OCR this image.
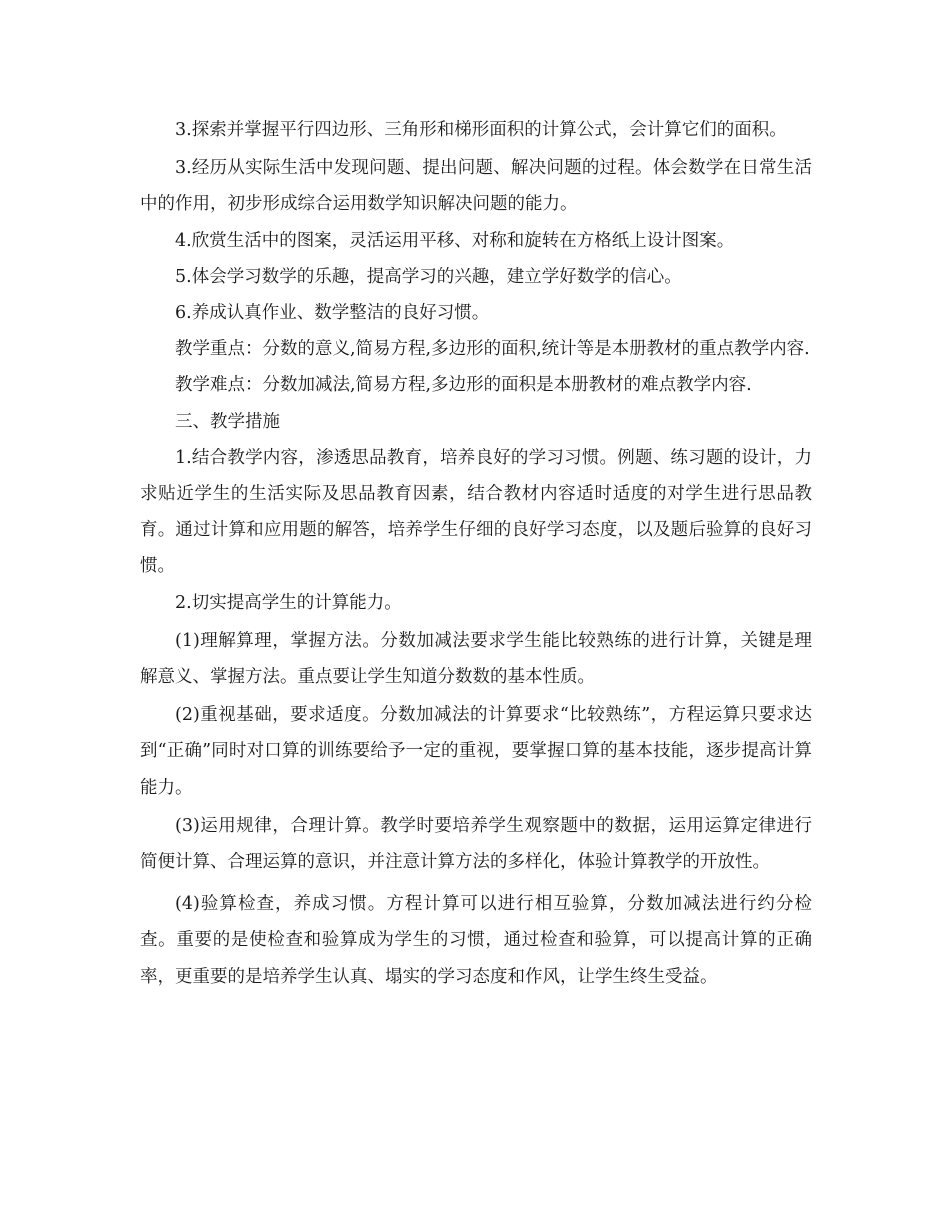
3.探索并掌握平行四边形、三角形和梯形面积的计算公式，会计算它们的面积。

3.经历从实际生活中发现问题、提出问题、解决问题的过程。体会数学在日常生活中的作用，初步形成综合运用数学知识解决问题的能力。

4.欣赏生活中的图案，灵活运用平移、对称和旋转在方格纸上设计图案。

5.体会学习数学的乐趣，提高学习的兴趣，建立学好数学的信心。

6.养成认真作业、数学整洁的良好习惯。

教学重点：分数的意义,简易方程,多边形的面积,统计等是本册教材的重点教学内容.

教学难点：分数加减法,简易方程,多边形的面积是本册教材的难点教学内容.

三、教学措施

1.结合教学内容，渗透思品教育，培养良好的学习习惯。例题、练习题的设计，力求贴近学生的生活实际及思品教育因素，结合教材内容适时适度的对学生进行思品教育。通过计算和应用题的解答，培养学生仔细的良好学习态度，以及题后验算的良好习惯。

2.切实提高学生的计算能力。

(1)理解算理，掌握方法。分数加减法要求学生能比较熟练的进行计算，关键是理解意义、掌握方法。重点要让学生知道分数数的基本性质。

(2)重视基础，要求适度。分数加减法的计算要求“比较熟练”，方程运算只要求达到“正确”同时对口算的训练要给予一定的重视，要掌握口算的基本技能，逐步提高计算能力。

(3)运用规律，合理计算。教学时要培养学生观察题中的数据，运用运算定律进行简便计算、合理运算的意识，并注意计算方法的多样化，体验计算教学的开放性。

(4)验算检查，养成习惯。方程计算可以进行相互验算，分数加减法进行约分检查。重要的是使检查和验算成为学生的习惯，通过检查和验算，可以提高计算的正确率，更重要的是培养学生认真、塌实的学习态度和作风，让学生终生受益。
